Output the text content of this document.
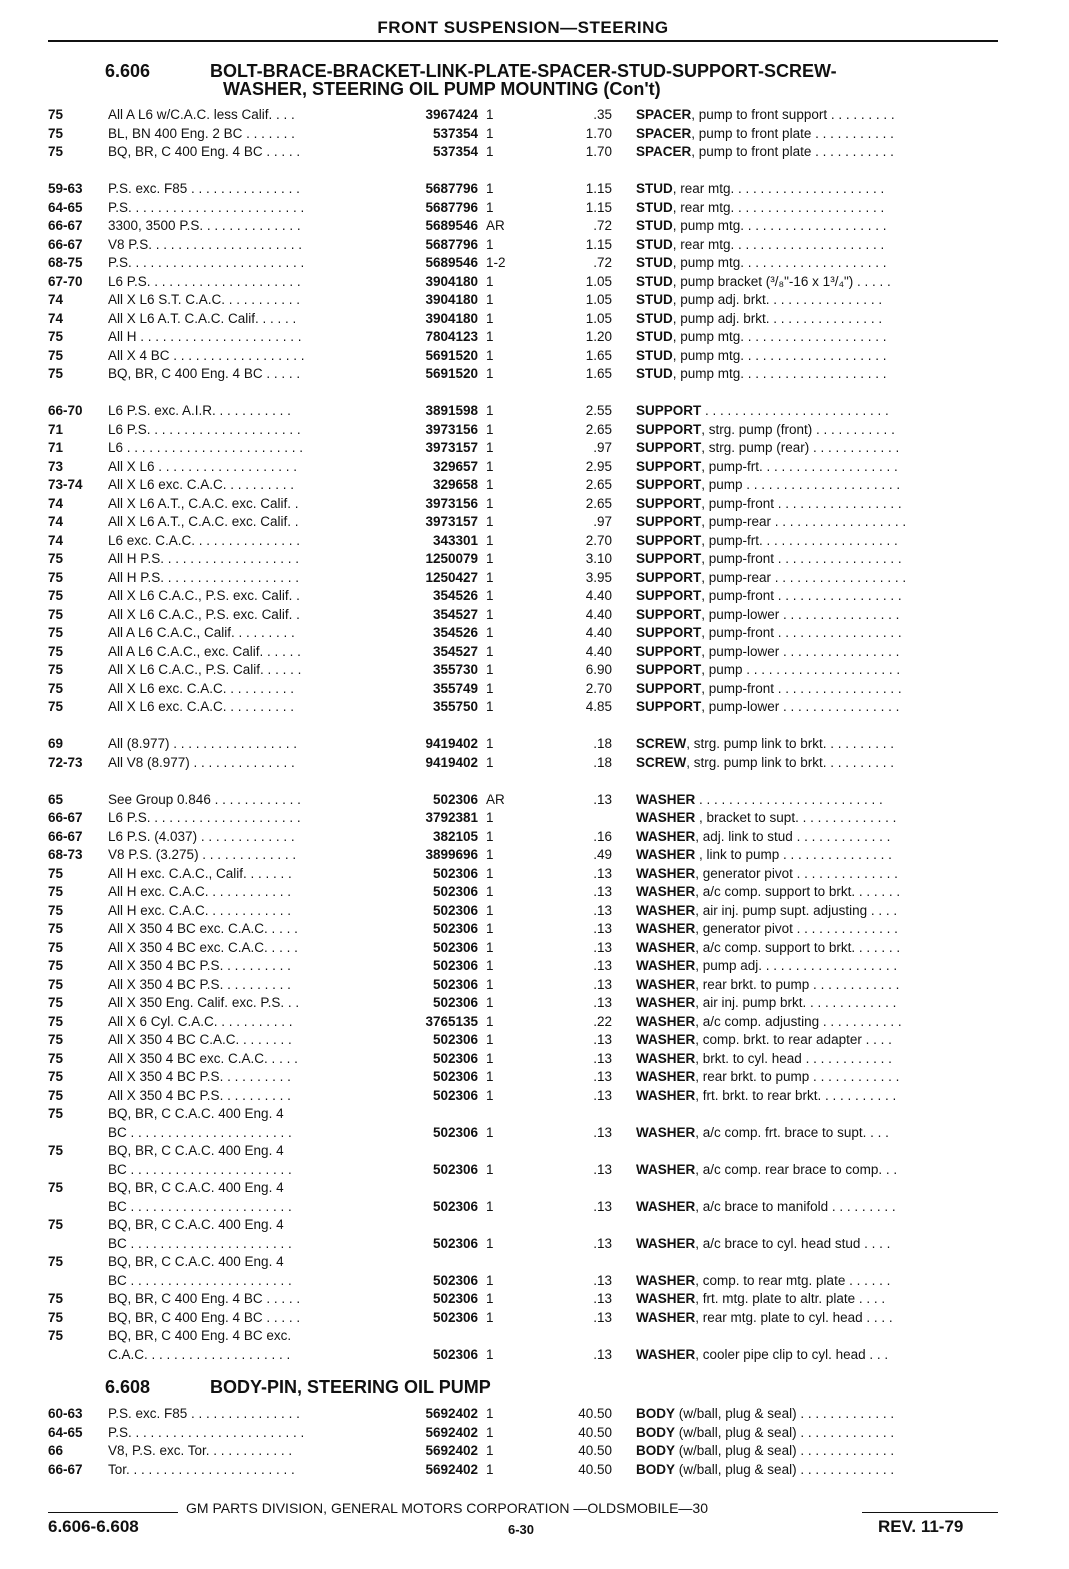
FRONT SUSPENSION—STEERING
6.606	BOLT-BRACE-BRACKET-LINK-PLATE-SPACER-STUD-SUPPORT-SCREW-
WASHER, STEERING OIL PUMP MOUNTING (Con't)
6.608	BODY-PIN, STEERING OIL PUMP
75	All A L6 w/C.A.C. less Calif. . . .	3967424 1	.35 SPACER, pump to front support . . . . . . . . .
75	BL, BN 400 Eng. 2 BC . . . . . . .	537354 1	1.70 SPACER, pump to front plate . . . . . . . . . . .
75	BQ, BR, C 400 Eng. 4 BC . . . . .	537354 1	1.70 SPACER, pump to front plate . . . . . . . . . . .
59-63	P.S. exc. F85 . . . . . . . . . . . . . . .	5687796 1	1.15 STUD, rear mtg. . . . . . . . . . . . . . . . . . . . .
64-65	P.S. . . . . . . . . . . . . . . . . . . . . . . .	5687796 1	1.15 STUD, rear mtg. . . . . . . . . . . . . . . . . . . . .
66-67	3300, 3500 P.S. . . . . . . . . . . . . .	5689546 AR	.72 STUD, pump mtg. . . . . . . . . . . . . . . . . . . .
66-67	V8 P.S. . . . . . . . . . . . . . . . . . . . .	5687796 1	1.15 STUD, rear mtg. . . . . . . . . . . . . . . . . . . . .
68-75	P.S. . . . . . . . . . . . . . . . . . . . . . . .	5689546 1-2	.72 STUD, pump mtg. . . . . . . . . . . . . . . . . . . .
67-70	L6 P.S. . . . . . . . . . . . . . . . . . . . .	3904180 1	1.05 STUD, pump bracket (³/₈"-16 x 1³/₄") . . . . .
74	All X L6 S.T. C.A.C. . . . . . . . . . .	3904180 1	1.05 STUD, pump adj. brkt. . . . . . . . . . . . . . . .
74	All X L6 A.T. C.A.C. Calif. . . . . .	3904180 1	1.05 STUD, pump adj. brkt. . . . . . . . . . . . . . . .
75	All H . . . . . . . . . . . . . . . . . . . . . .	7804123 1	1.20 STUD, pump mtg. . . . . . . . . . . . . . . . . . . .
75	All X 4 BC . . . . . . . . . . . . . . . . . .	5691520 1	1.65 STUD, pump mtg. . . . . . . . . . . . . . . . . . . .
75	BQ, BR, C 400 Eng. 4 BC . . . . .	5691520 1	1.65 STUD, pump mtg. . . . . . . . . . . . . . . . . . . .
66-70	L6 P.S. exc. A.I.R. . . . . . . . . . .	3891598 1	2.55 SUPPORT . . . . . . . . . . . . . . . . . . . . . . . . .
71	L6 P.S. . . . . . . . . . . . . . . . . . . . .	3973156 1	2.65 SUPPORT, strg. pump (front) . . . . . . . . . . .
71	L6 . . . . . . . . . . . . . . . . . . . . . . . .	3973157 1	.97 SUPPORT, strg. pump (rear) . . . . . . . . . . . .
73	All X L6 . . . . . . . . . . . . . . . . . . .	329657 1	2.95 SUPPORT, pump-frt. . . . . . . . . . . . . . . . . . .
73-74	All X L6 exc. C.A.C. . . . . . . . . .	329658 1	2.65 SUPPORT, pump . . . . . . . . . . . . . . . . . . . . .
74	All X L6 A.T., C.A.C. exc. Calif. .	3973156 1	2.65 SUPPORT, pump-front . . . . . . . . . . . . . . . . .
74	All X L6 A.T., C.A.C. exc. Calif. .	3973157 1	.97 SUPPORT, pump-rear . . . . . . . . . . . . . . . . . .
74	L6 exc. C.A.C. . . . . . . . . . . . . . .	343301 1	2.70 SUPPORT, pump-frt. . . . . . . . . . . . . . . . . . .
75	All H P.S. . . . . . . . . . . . . . . . . . .	1250079 1	3.10 SUPPORT, pump-front . . . . . . . . . . . . . . . . .
75	All H P.S. . . . . . . . . . . . . . . . . . .	1250427 1	3.95 SUPPORT, pump-rear . . . . . . . . . . . . . . . . . .
75	All X L6 C.A.C., P.S. exc. Calif. .	354526 1	4.40 SUPPORT, pump-front . . . . . . . . . . . . . . . . .
75	All X L6 C.A.C., P.S. exc. Calif. .	354527 1	4.40 SUPPORT, pump-lower . . . . . . . . . . . . . . . .
75	All A L6 C.A.C., Calif. . . . . . . . .	354526 1	4.40 SUPPORT, pump-front . . . . . . . . . . . . . . . . .
75	All A L6 C.A.C., exc. Calif. . . . . .	354527 1	4.40 SUPPORT, pump-lower . . . . . . . . . . . . . . . .
75	All X L6 C.A.C., P.S. Calif. . . . . .	355730 1	6.90 SUPPORT, pump . . . . . . . . . . . . . . . . . . . . .
75	All X L6 exc. C.A.C. . . . . . . . . .	355749 1	2.70 SUPPORT, pump-front . . . . . . . . . . . . . . . . .
75	All X L6 exc. C.A.C. . . . . . . . . .	355750 1	4.85 SUPPORT, pump-lower . . . . . . . . . . . . . . . .
69	All (8.977) . . . . . . . . . . . . . . . . .	9419402 1	.18 SCREW, strg. pump link to brkt. . . . . . . . . .
72-73	All V8 (8.977) . . . . . . . . . . . . . .	9419402 1	.18 SCREW, strg. pump link to brkt. . . . . . . . . .
65	See Group 0.846 . . . . . . . . . . . .	502306 AR	.13 WASHER . . . . . . . . . . . . . . . . . . . . . . . . .
66-67	L6 P.S. . . . . . . . . . . . . . . . . . . . .	3792381 1	WASHER , bracket to supt. . . . . . . . . . . . . .
66-67	L6 P.S. (4.037) . . . . . . . . . . . . .	382105 1	.16 WASHER, adj. link to stud . . . . . . . . . . . . .
68-73	V8 P.S. (3.275) . . . . . . . . . . . . .	3899696 1	.49 WASHER , link to pump . . . . . . . . . . . . . . .
75	All H exc. C.A.C., Calif. . . . . . .	502306 1	.13 WASHER, generator pivot . . . . . . . . . . . . . .
75	All H exc. C.A.C. . . . . . . . . . . .	502306 1	.13 WASHER, a/c comp. support to brkt. . . . . . .
75	All H exc. C.A.C. . . . . . . . . . . .	502306 1	.13 WASHER, air inj. pump supt. adjusting . . . .
75	All X 350 4 BC exc. C.A.C. . . . .	502306 1	.13 WASHER, generator pivot . . . . . . . . . . . . . .
75	All X 350 4 BC exc. C.A.C. . . . .	502306 1	.13 WASHER, a/c comp. support to brkt. . . . . . .
75	All X 350 4 BC P.S. . . . . . . . . .	502306 1	.13 WASHER, pump adj. . . . . . . . . . . . . . . . . . .
75	All X 350 4 BC P.S. . . . . . . . . .	502306 1	.13 WASHER, rear brkt. to pump . . . . . . . . . . . .
75	All X 350 Eng. Calif. exc. P.S. . .	502306 1	.13 WASHER, air inj. pump brkt. . . . . . . . . . . . .
75	All X 6 Cyl. C.A.C. . . . . . . . . . .	3765135 1	.22 WASHER, a/c comp. adjusting . . . . . . . . . . .
75	All X 350 4 BC C.A.C. . . . . . . .	502306 1	.13 WASHER, comp. brkt. to rear adapter . . . .
75	All X 350 4 BC exc. C.A.C. . . . .	502306 1	.13 WASHER, brkt. to cyl. head . . . . . . . . . . . .
75	All X 350 4 BC P.S. . . . . . . . . .	502306 1	.13 WASHER, rear brkt. to pump . . . . . . . . . . . .
75	All X 350 4 BC P.S. . . . . . . . . .	502306 1	.13 WASHER, frt. brkt. to rear brkt. . . . . . . . . . .
75	BQ, BR, C C.A.C. 400 Eng. 4
BC . . . . . . . . . . . . . . . . . . . . . .	502306 1	.13 WASHER, a/c comp. frt. brace to supt. . . .
75	BQ, BR, C C.A.C. 400 Eng. 4
BC . . . . . . . . . . . . . . . . . . . . . .	502306 1	.13 WASHER, a/c comp. rear brace to comp. . .
75	BQ, BR, C C.A.C. 400 Eng. 4
BC . . . . . . . . . . . . . . . . . . . . . .	502306 1	.13 WASHER, a/c brace to manifold . . . . . . . . .
75	BQ, BR, C C.A.C. 400 Eng. 4
BC . . . . . . . . . . . . . . . . . . . . . .	502306 1	.13 WASHER, a/c brace to cyl. head stud . . . .
75	BQ, BR, C C.A.C. 400 Eng. 4
BC . . . . . . . . . . . . . . . . . . . . . .	502306 1	.13 WASHER, comp. to rear mtg. plate . . . . . .
75	BQ, BR, C 400 Eng. 4 BC . . . . .	502306 1	.13 WASHER, frt. mtg. plate to altr. plate . . . .
75	BQ, BR, C 400 Eng. 4 BC . . . . .	502306 1	.13 WASHER, rear mtg. plate to cyl. head . . . .
75	BQ, BR, C 400 Eng. 4 BC exc.
C.A.C. . . . . . . . . . . . . . . . . . . .	502306 1	.13 WASHER, cooler pipe clip to cyl. head . . .
60-63	P.S. exc. F85 . . . . . . . . . . . . . . .	5692402 1	40.50 BODY (w/ball, plug & seal) . . . . . . . . . . . . .
64-65	P.S. . . . . . . . . . . . . . . . . . . . . . . .	5692402 1	40.50 BODY (w/ball, plug & seal) . . . . . . . . . . . . .
66	V8, P.S. exc. Tor. . . . . . . . . . . .	5692402 1	40.50 BODY (w/ball, plug & seal) . . . . . . . . . . . . .
66-67	Tor. . . . . . . . . . . . . . . . . . . . . . .	5692402 1	40.50 BODY (w/ball, plug & seal) . . . . . . . . . . . . .
GM PARTS DIVISION, GENERAL MOTORS CORPORATION —OLDSMOBILE—30
6.606-6.608	6-30	REV. 11-79
